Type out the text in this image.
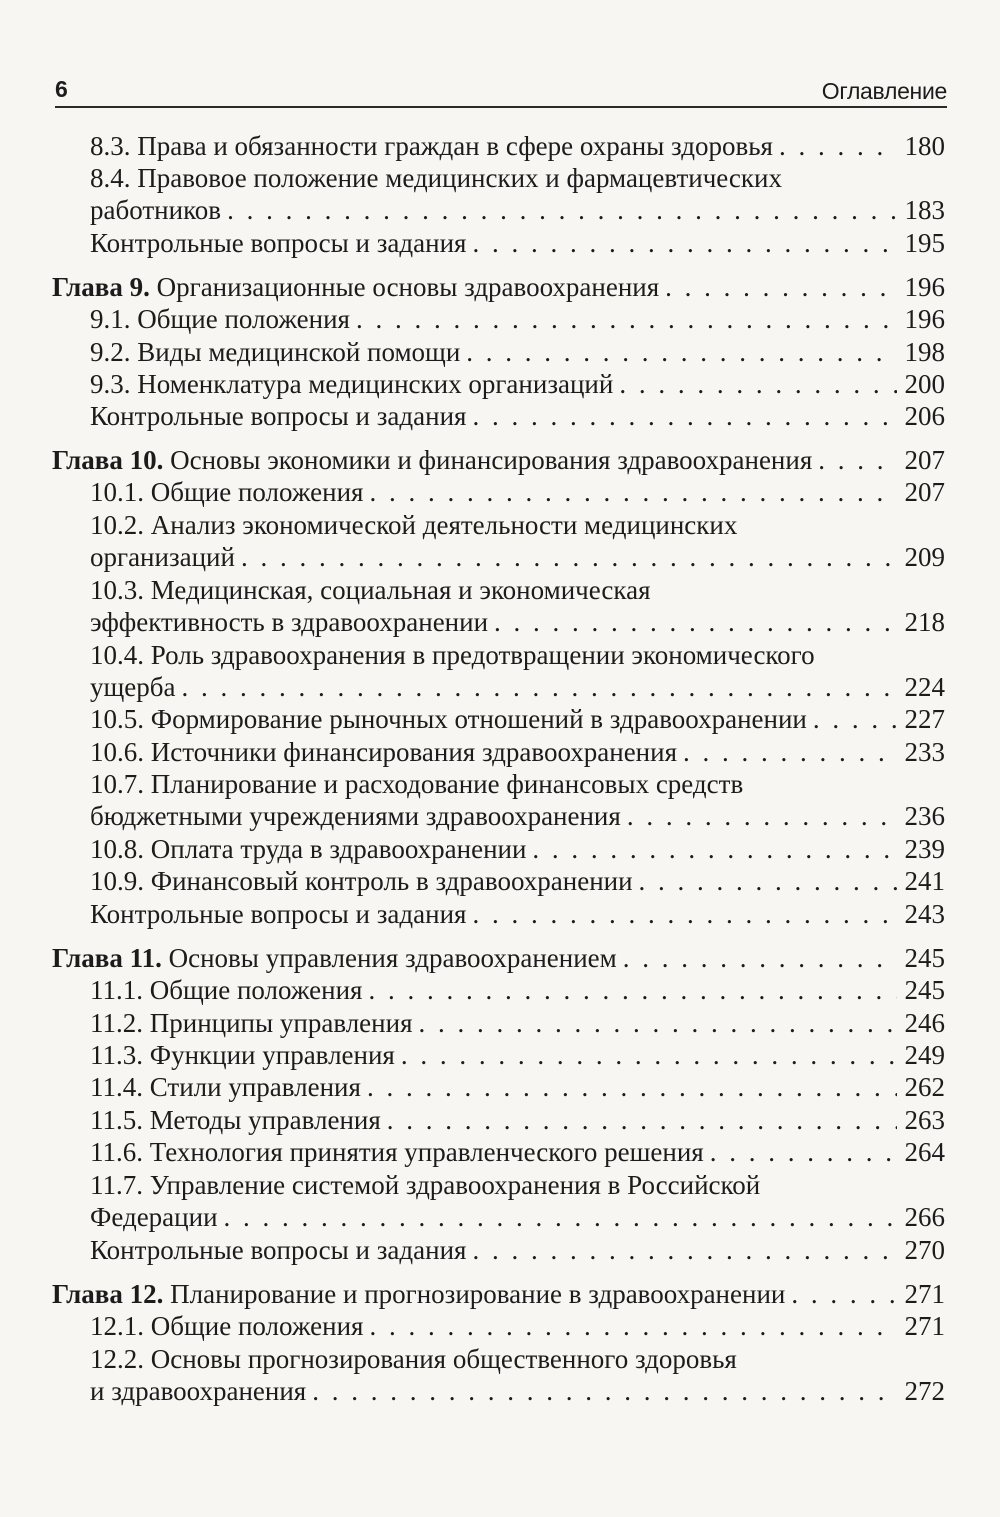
6	Оглавление
8.3. Права и обязанности граждан в сфере охраны здоровья . . .	180
8.4. Правовое положение медицинских и фармацевтических
работников . . .	183
Контрольные вопросы и задания . . .	195
Глава 9.
Организационные основы здравоохранения . . .	196
9.1. Общие положения . . .	196
9.2. Виды медицинской помощи . . .	198
9.3. Номенклатура медицинских организаций . . .	200
Контрольные вопросы и задания . . .	206
Глава 10.
Основы экономики и финансирования здравоохранения . . .	207
10.1. Общие положения . . .	207
10.2. Анализ экономической деятельности медицинских
организаций . . .	209
10.3. Медицинская, социальная и экономическая
эффективность в здравоохранении . . .	218
10.4. Роль здравоохранения в предотвращении экономического
ущерба . . .	224
10.5. Формирование рыночных отношений в здравоохранении . . .	227
10.6. Источники финансирования здравоохранения . . .	233
10.7. Планирование и расходование финансовых средств
бюджетными учреждениями здравоохранения . . .	236
10.8. Оплата труда в здравоохранении . . .	239
10.9. Финансовый контроль в здравоохранении . . .	241
Контрольные вопросы и задания . . .	243
Глава 11.
Основы управления здравоохранением . . .	245
11.1. Общие положения . . .	245
11.2. Принципы управления . . .	246
11.3. Функции управления . . .	249
11.4. Стили управления . . .	262
11.5. Методы управления . . .	263
11.6. Технология принятия управленческого решения . . .	264
11.7. Управление системой здравоохранения в Российской
Федерации . . .	266
Контрольные вопросы и задания . . .	270
Глава 12.
Планирование и прогнозирование в здравоохранении . . .	271
12.1. Общие положения . . .	271
12.2. Основы прогнозирования общественного здоровья
и здравоохранения . . .	272
